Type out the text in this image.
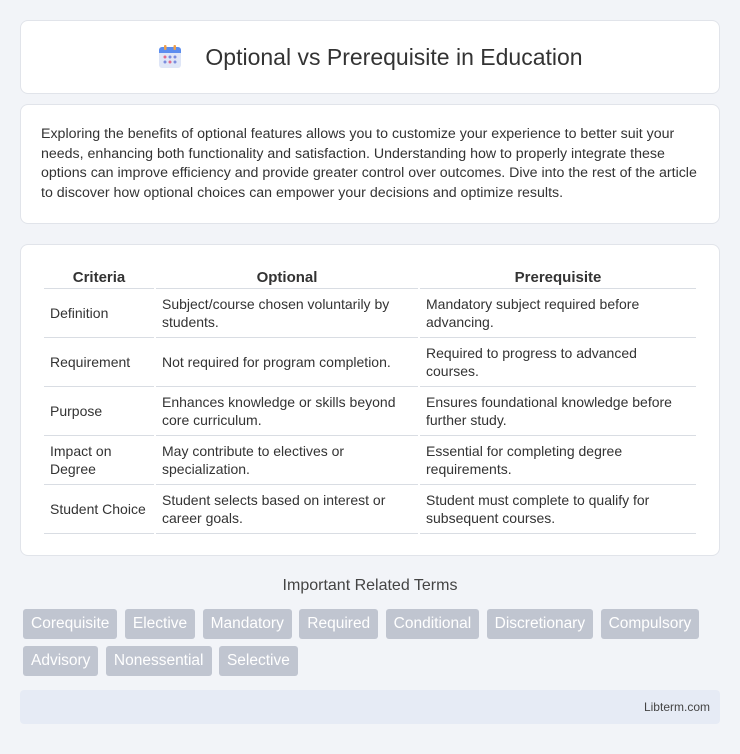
Optional vs Prerequisite in Education

Exploring the benefits of optional features allows you to customize your experience to better suit your needs, enhancing both functionality and satisfaction. Understanding how to properly integrate these options can improve efficiency and provide greater control over outcomes. Dive into the rest of the article to discover how optional choices can empower your decisions and optimize results.

Criteria	Optional	Prerequisite
Definition	Subject/course chosen voluntarily by students.	Mandatory subject required before advancing.
Requirement	Not required for program completion.	Required to progress to advanced courses.
Purpose	Enhances knowledge or skills beyond core curriculum.	Ensures foundational knowledge before further study.
Impact on Degree	May contribute to electives or specialization.	Essential for completing degree requirements.
Student Choice	Student selects based on interest or career goals.	Student must complete to qualify for subsequent courses.
Important Related Terms
Corequisite Elective Mandatory Required Conditional Discretionary Compulsory Advisory Nonessential Selective
Libterm.com
